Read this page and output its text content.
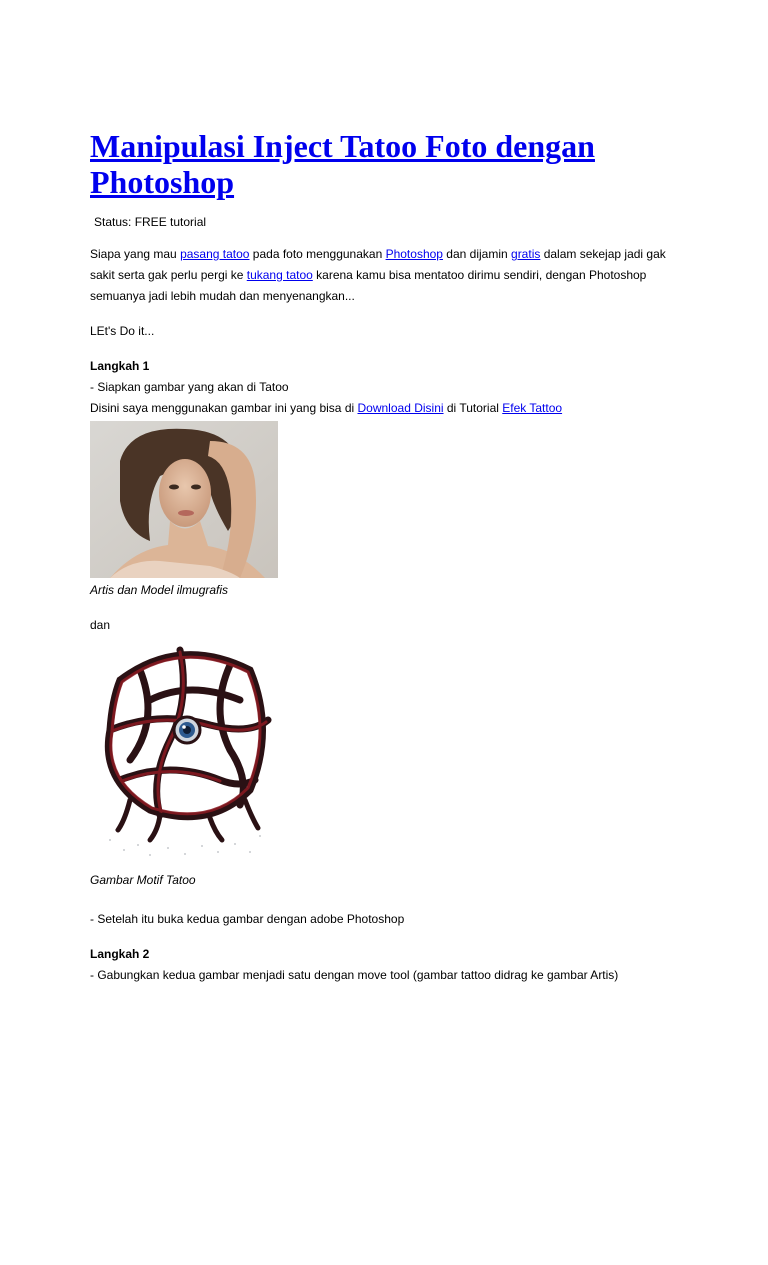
Manipulasi Inject Tatoo Foto dengan Photoshop
Status: FREE tutorial
Siapa yang mau pasang tatoo pada foto menggunakan Photoshop dan dijamin gratis dalam sekejap jadi gak sakit serta gak perlu pergi ke tukang tatoo karena kamu bisa mentatoo dirimu sendiri, dengan Photoshop semuanya jadi lebih mudah dan menyenangkan...
LEt's Do it...
Langkah 1
- Siapkan gambar yang akan di Tatoo
Disini saya menggunakan gambar ini yang bisa di Download Disini di Tutorial Efek Tattoo
Artis dan Model ilmugrafis
dan
Gambar Motif Tatoo
- Setelah itu buka kedua gambar dengan adobe Photoshop
Langkah 2
- Gabungkan kedua gambar menjadi satu dengan move tool (gambar tattoo didrag ke gambar Artis)
